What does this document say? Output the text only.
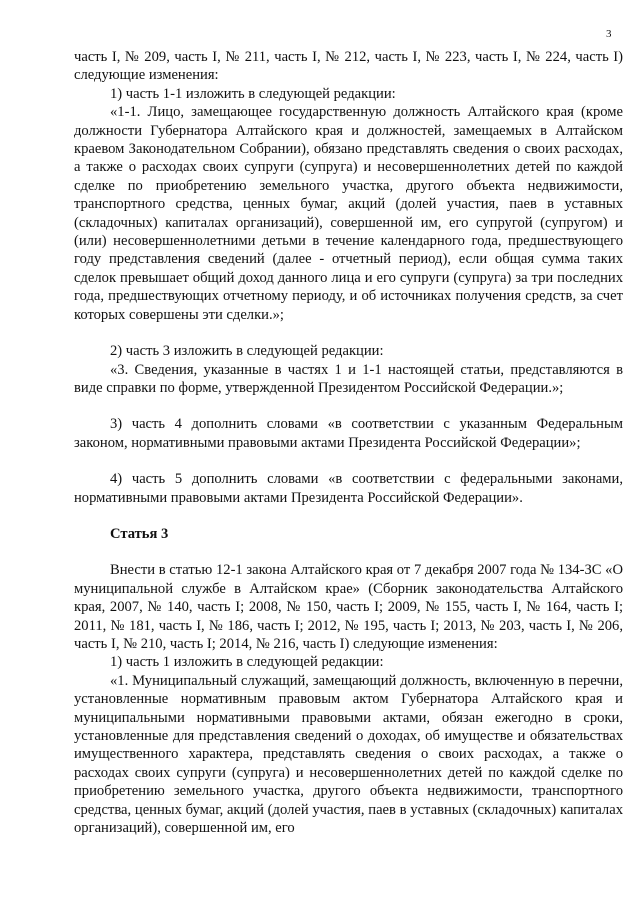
3

часть I, № 209, часть I, № 211, часть I, № 212, часть I, № 223, часть I, № 224, часть I) следующие изменения:

1) часть 1-1 изложить в следующей редакции:

«1-1. Лицо, замещающее государственную должность Алтайского края (кроме должности Губернатора Алтайского края и должностей, замещаемых в Алтайском краевом Законодательном Собрании), обязано представлять сведения о своих расходах, а также о расходах своих супруги (супруга) и несовершеннолетних детей по каждой сделке по приобретению земельного участка, другого объекта недвижимости, транспортного средства, ценных бумаг, акций (долей участия, паев в уставных (складочных) капиталах организаций), совершенной им, его супругой (супругом) и (или) несовершеннолетними детьми в течение календарного года, предшествующего году представления сведений (далее - отчетный период), если общая сумма таких сделок превышает общий доход данного лица и его супруги (супруга) за три последних года, предшествующих отчетному периоду, и об источниках получения средств, за счет которых совершены эти сделки.»;

2) часть 3 изложить в следующей редакции:

«3. Сведения, указанные в частях 1 и 1-1 настоящей статьи, представляются в виде справки по форме, утвержденной Президентом Российской Федерации.»;

3) часть 4 дополнить словами «в соответствии с указанным Федеральным законом, нормативными правовыми актами Президента Российской Федерации»;

4) часть 5 дополнить словами «в соответствии с федеральными законами, нормативными правовыми актами Президента Российской Федерации».

Статья 3

Внести в статью 12-1 закона Алтайского края от 7 декабря 2007 года № 134-ЗС «О муниципальной службе в Алтайском крае» (Сборник законодательства Алтайского края, 2007, № 140, часть I; 2008, № 150, часть I; 2009, № 155, часть I, № 164, часть I; 2011, № 181, часть I, № 186, часть I; 2012, № 195, часть I; 2013, № 203, часть I, № 206, часть I, № 210, часть I; 2014, № 216, часть I) следующие изменения:

1) часть 1 изложить в следующей редакции:

«1. Муниципальный служащий, замещающий должность, включенную в перечни, установленные нормативным правовым актом Губернатора Алтайского края и муниципальными нормативными правовыми актами, обязан ежегодно в сроки, установленные для представления сведений о доходах, об имуществе и обязательствах имущественного характера, представлять сведения о своих расходах, а также о расходах своих супруги (супруга) и несовершеннолетних детей по каждой сделке по приобретению земельного участка, другого объекта недвижимости, транспортного средства, ценных бумаг, акций (долей участия, паев в уставных (складочных) капиталах организаций), совершенной им, его
